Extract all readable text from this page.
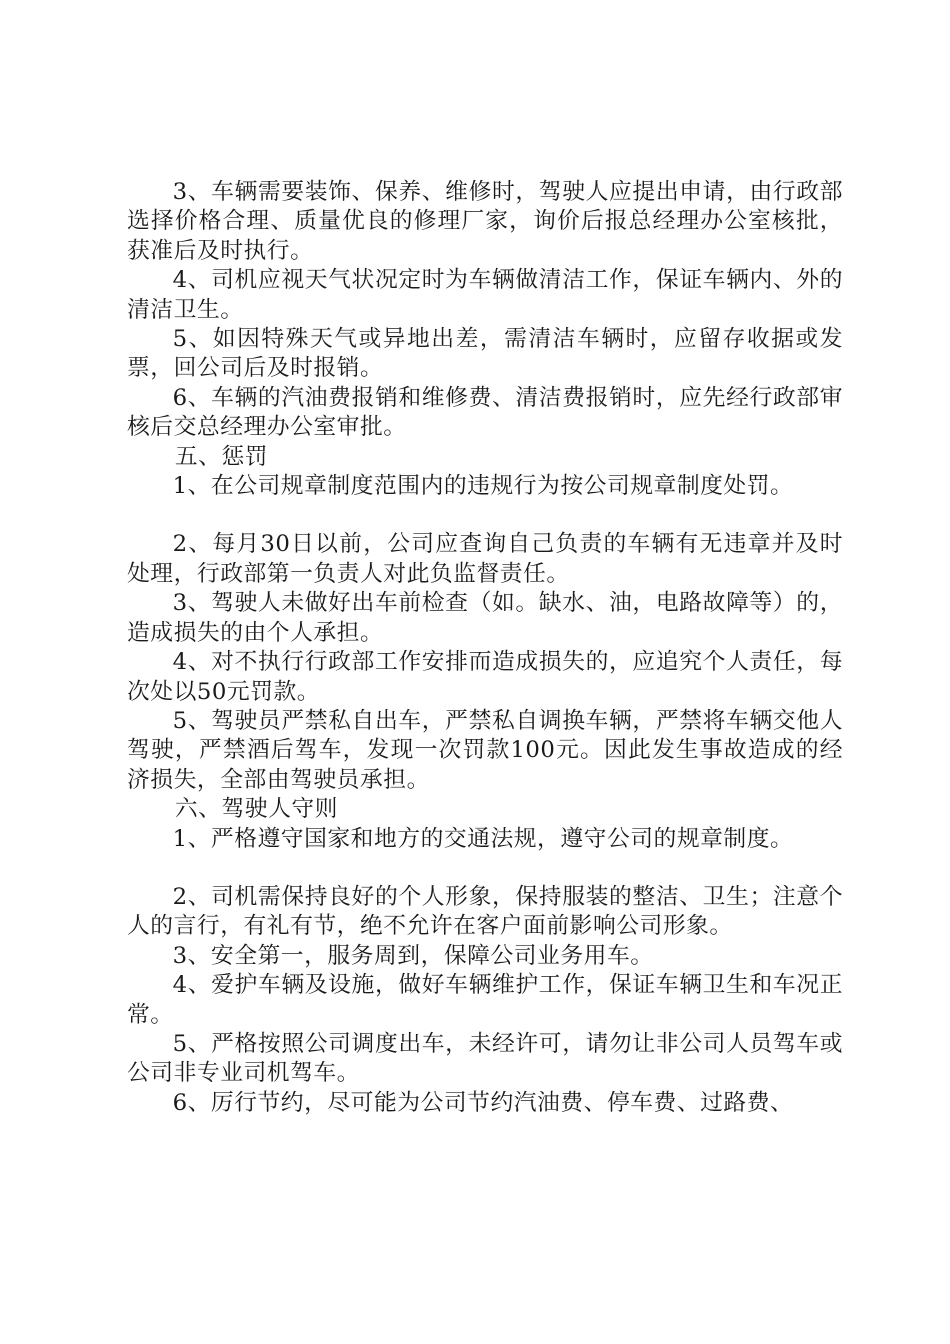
3、车辆需要装饰、保养、维修时，驾驶人应提出申请，由行政部选择价格合理、质量优良的修理厂家，询价后报总经理办公室核批，获准后及时执行。

4、司机应视天气状况定时为车辆做清洁工作，保证车辆内、外的清洁卫生。

5、如因特殊天气或异地出差，需清洁车辆时，应留存收据或发票，回公司后及时报销。

6、车辆的汽油费报销和维修费、清洁费报销时，应先经行政部审核后交总经理办公室审批。

五、惩罚

1、在公司规章制度范围内的违规行为按公司规章制度处罚。

2、每月30日以前，公司应查询自己负责的车辆有无违章并及时处理，行政部第一负责人对此负监督责任。

3、驾驶人未做好出车前检查（如。缺水、油，电路故障等）的，造成损失的由个人承担。

4、对不执行行政部工作安排而造成损失的，应追究个人责任，每次处以50元罚款。

5、驾驶员严禁私自出车，严禁私自调换车辆，严禁将车辆交他人驾驶，严禁酒后驾车，发现一次罚款100元。因此发生事故造成的经济损失，全部由驾驶员承担。

六、驾驶人守则

1、严格遵守国家和地方的交通法规，遵守公司的规章制度。

2、司机需保持良好的个人形象，保持服装的整洁、卫生；注意个人的言行，有礼有节，绝不允许在客户面前影响公司形象。

3、安全第一，服务周到，保障公司业务用车。

4、爱护车辆及设施，做好车辆维护工作，保证车辆卫生和车况正常。

5、严格按照公司调度出车，未经许可，请勿让非公司人员驾车或公司非专业司机驾车。

6、厉行节约，尽可能为公司节约汽油费、停车费、过路费、
